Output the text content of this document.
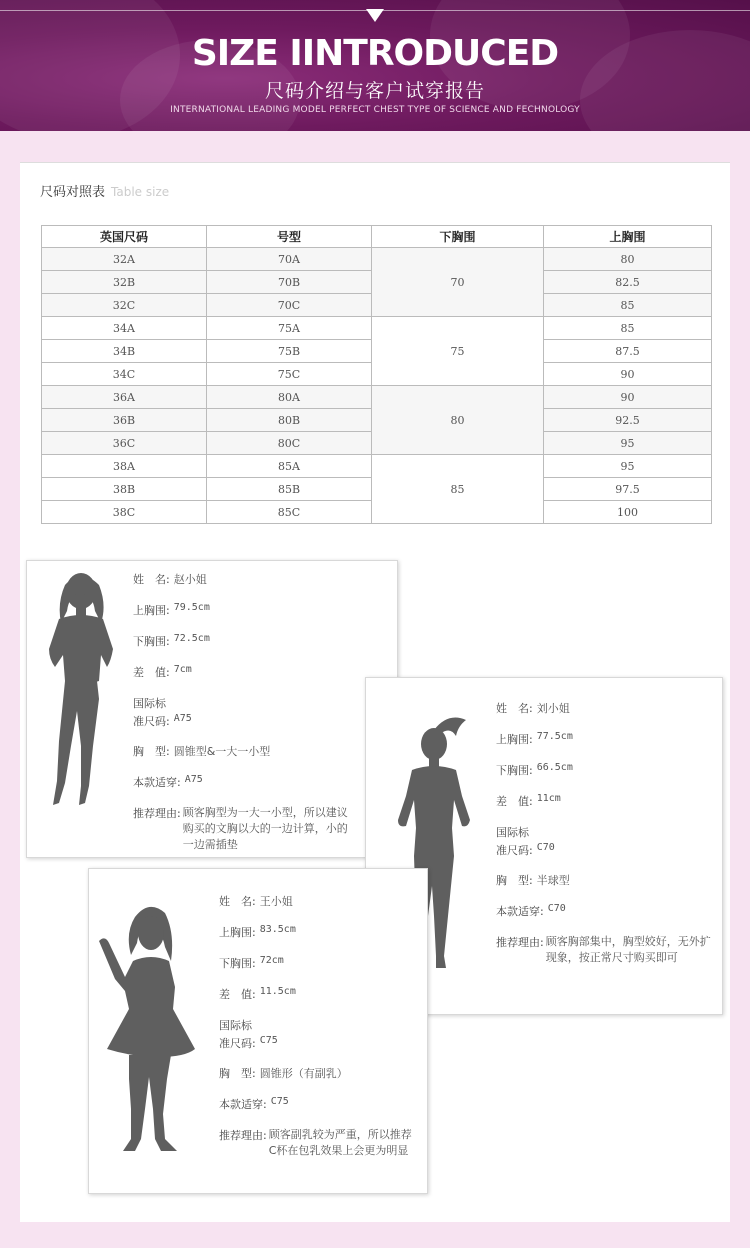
SIZE IINTRODUCED
尺码介绍与客户试穿报告
INTERNATIONAL LEADING MODEL PERFECT CHEST TYPE OF SCIENCE AND FECHNOLOGY
尺码对照表 Table size
英国尺码	号型	下胸围	上胸围
32A	70A	70	80
32B	70B		82.5
32C	70C		85
34A	75A	75	85
34B	75B		87.5
34C	75C		90
36A	80A	80	90
36B	80B		92.5
36C	80C		95
38A	85A	85	95
38B	85B		97.5
38C	85C		100
姓　名: 赵小姐
上胸围: 79.5cm
下胸围: 72.5cm
差　值: 7cm
国际标
准尺码: A75
胸　型: 圆锥型&一大一小型
本款适穿: A75
推荐理由: 顾客胸型为一大一小型，所以建议购买的文胸以大的一边计算，小的一边需插垫
姓　名: 刘小姐
上胸围: 77.5cm
下胸围: 66.5cm
差　值: 11cm
国际标
准尺码: C70
胸　型: 半球型
本款适穿: C70
推荐理由: 顾客胸部集中，胸型姣好，无外扩现象，按正常尺寸购买即可
姓　名: 王小姐
上胸围: 83.5cm
下胸围: 72cm
差　值: 11.5cm
国际标
准尺码: C75
胸　型: 圆锥形（有副乳）
本款适穿: C75
推荐理由: 顾客副乳较为严重，所以推荐C杯在包乳效果上会更为明显
